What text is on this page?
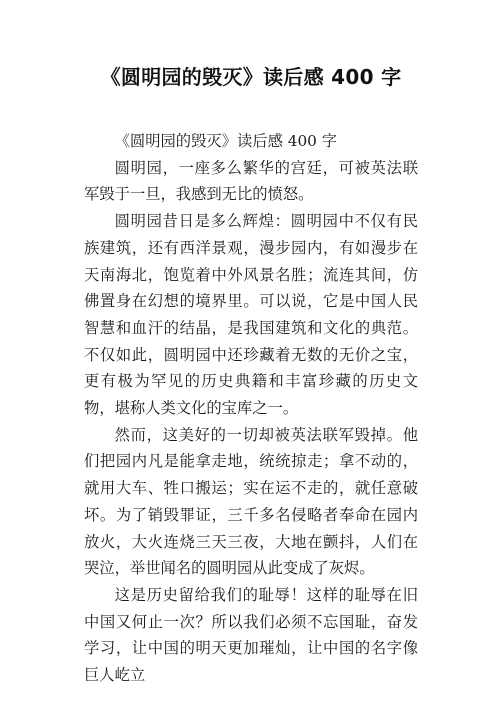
《圆明园的毁灭》读后感 400 字

《圆明园的毁灭》读后感 400 字

圆明园，一座多么繁华的宫廷，可被英法联军毁于一旦，我感到无比的愤怒。

圆明园昔日是多么辉煌：圆明园中不仅有民族建筑，还有西洋景观，漫步园内，有如漫步在天南海北，饱览着中外风景名胜；流连其间，仿佛置身在幻想的境界里。可以说，它是中国人民智慧和血汗的结晶，是我国建筑和文化的典范。不仅如此，圆明园中还珍藏着无数的无价之宝，更有极为罕见的历史典籍和丰富珍藏的历史文物，堪称人类文化的宝库之一。

然而，这美好的一切却被英法联军毁掉。他们把园内凡是能拿走地，统统掠走；拿不动的，就用大车、牲口搬运；实在运不走的，就任意破坏。为了销毁罪证，三千多名侵略者奉命在园内放火，大火连烧三天三夜，大地在颤抖，人们在哭泣，举世闻名的圆明园从此变成了灰烬。

这是历史留给我们的耻辱！这样的耻辱在旧中国又何止一次？所以我们必须不忘国耻，奋发学习，让中国的明天更加璀灿，让中国的名字像巨人屹立
